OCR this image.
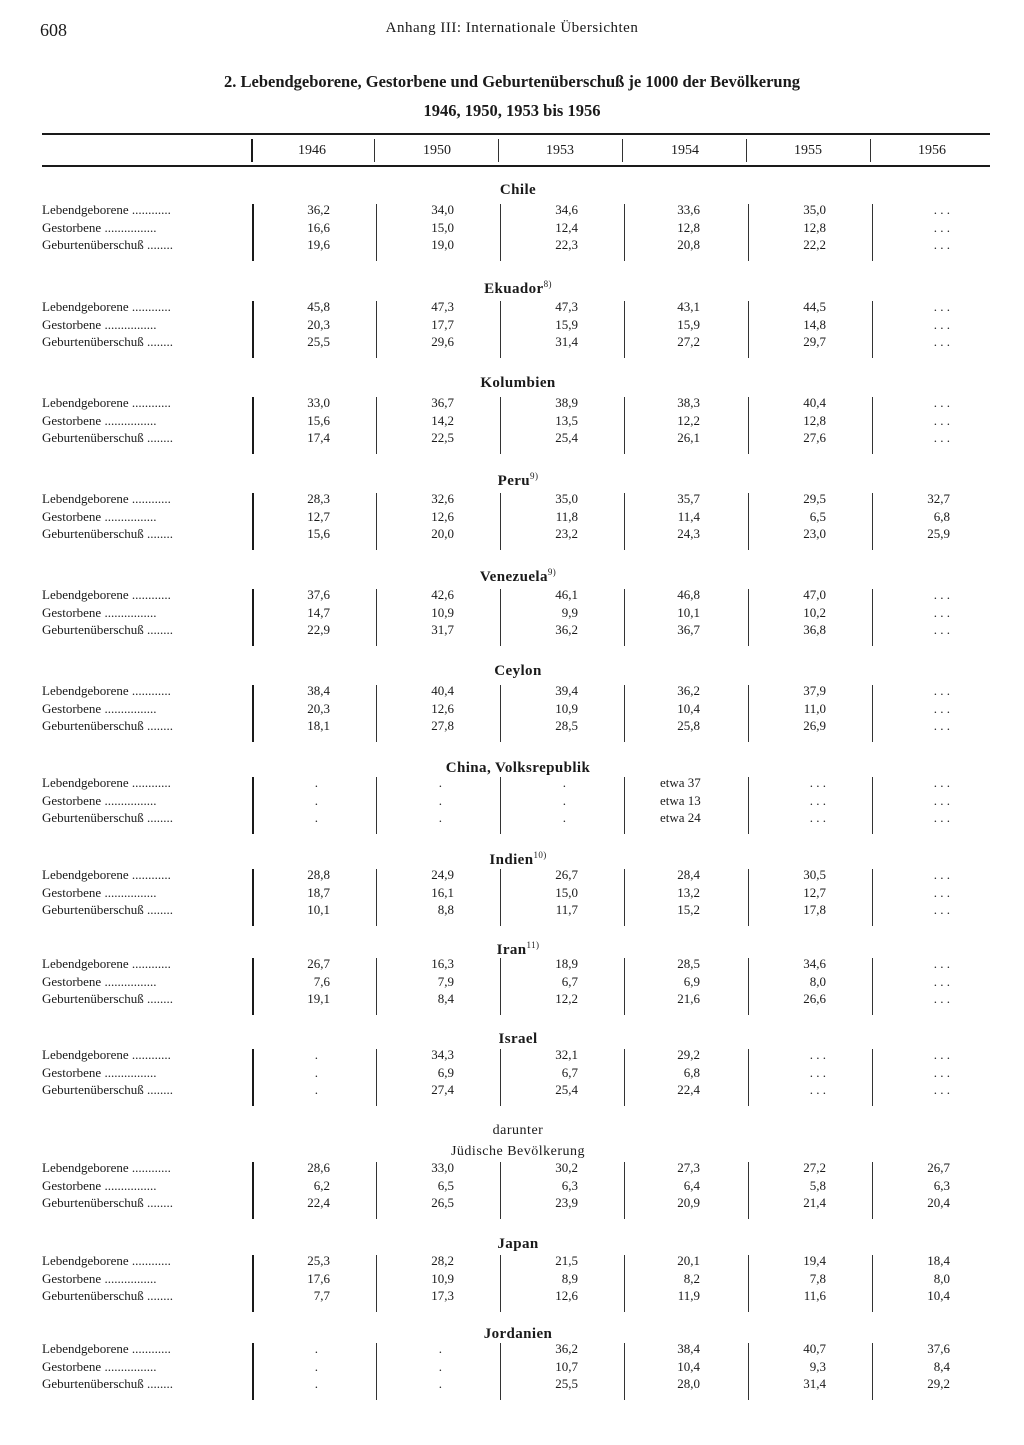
608	Anhang III: Internationale Übersichten
2. Lebendgeborene, Gestorbene und Geburtenüberschuß je 1000 der Bevölkerung
1946, 1950, 1953 bis 1956
1946	1950	1953	1954	1955	1956
Chile
Lebendgeborene ............	36,2	34,0	34,6	33,6	35,0	. . .
Gestorbene ................	16,6	15,0	12,4	12,8	12,8	. . .
Geburtenüberschuß ........	19,6	19,0	22,3	20,8	22,2	. . .
Ekuador$^{8)}$
Lebendgeborene ............	45,8	47,3	47,3	43,1	44,5	. . .
Gestorbene ................	20,3	17,7	15,9	15,9	14,8	. . .
Geburtenüberschuß ........	25,5	29,6	31,4	27,2	29,7	. . .
Kolumbien
Lebendgeborene ............	33,0	36,7	38,9	38,3	40,4	. . .
Gestorbene ................	15,6	14,2	13,5	12,2	12,8	. . .
Geburtenüberschuß ........	17,4	22,5	25,4	26,1	27,6	. . .
Peru$^{9)}$
Lebendgeborene ............	28,3	32,6	35,0	35,7	29,5	32,7
Gestorbene ................	12,7	12,6	11,8	11,4	6,5	6,8
Geburtenüberschuß ........	15,6	20,0	23,2	24,3	23,0	25,9
Venezuela$^{9)}$
Lebendgeborene ............	37,6	42,6	46,1	46,8	47,0	. . .
Gestorbene ................	14,7	10,9	9,9	10,1	10,2	. . .
Geburtenüberschuß ........	22,9	31,7	36,2	36,7	36,8	. . .
Ceylon
Lebendgeborene ............	38,4	40,4	39,4	36,2	37,9	. . .
Gestorbene ................	20,3	12,6	10,9	10,4	11,0	. . .
Geburtenüberschuß ........	18,1	27,8	28,5	25,8	26,9	. . .
China, Volksrepublik
Lebendgeborene ............	.	.	.	etwa 37	. . .	. . .
Gestorbene ................	.	.	.	etwa 13	. . .	. . .
Geburtenüberschuß ........	.	.	.	etwa 24	. . .	. . .
Indien$^{10)}$
Lebendgeborene ............	28,8	24,9	26,7	28,4	30,5	. . .
Gestorbene ................	18,7	16,1	15,0	13,2	12,7	. . .
Geburtenüberschuß ........	10,1	8,8	11,7	15,2	17,8	. . .
Iran$^{11)}$
Lebendgeborene ............	26,7	16,3	18,9	28,5	34,6	. . .
Gestorbene ................	7,6	7,9	6,7	6,9	8,0	. . .
Geburtenüberschuß ........	19,1	8,4	12,2	21,6	26,6	. . .
Israel
Lebendgeborene ............	.	34,3	32,1	29,2	. . .	. . .
Gestorbene ................	.	6,9	6,7	6,8	. . .	. . .
Geburtenüberschuß ........	.	27,4	25,4	22,4	. . .	. . .
darunter
Jüdische Bevölkerung
Lebendgeborene ............	28,6	33,0	30,2	27,3	27,2	26,7
Gestorbene ................	6,2	6,5	6,3	6,4	5,8	6,3
Geburtenüberschuß ........	22,4	26,5	23,9	20,9	21,4	20,4
Japan
Lebendgeborene ............	25,3	28,2	21,5	20,1	19,4	18,4
Gestorbene ................	17,6	10,9	8,9	8,2	7,8	8,0
Geburtenüberschuß ........	7,7	17,3	12,6	11,9	11,6	10,4
Jordanien
Lebendgeborene ............	.	.	36,2	38,4	40,7	37,6
Gestorbene ................	.	.	10,7	10,4	9,3	8,4
Geburtenüberschuß ........	.	.	25,5	28,0	31,4	29,2
